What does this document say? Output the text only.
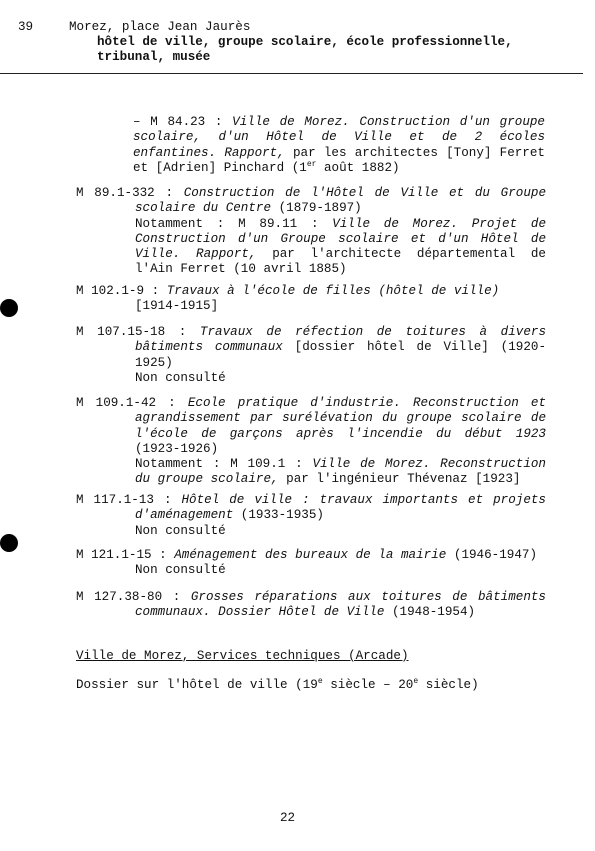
39	Morez, place Jean Jaurès
hôtel de ville, groupe scolaire, école professionnelle,
tribunal, musée
– M 84.23 : Ville de Morez. Construction d'un groupe scolaire, d'un Hôtel de Ville et de 2 écoles enfantines. Rapport, par les architectes [Tony] Ferret et [Adrien] Pinchard (1er août 1882)

M 89.1-332 : Construction de l'Hôtel de Ville et du Groupe scolaire du Centre (1879-1897)

Notamment : M 89.11 : Ville de Morez. Projet de Construction d'un Groupe scolaire et d'un Hôtel de Ville. Rapport, par l'architecte départemental de l'Ain Ferret (10 avril 1885)

M 102.1-9 : Travaux à l'école de filles (hôtel de ville)

[1914-1915]

M 107.15-18 : Travaux de réfection de toitures à divers bâtiments communaux [dossier hôtel de Ville] (1920-1925)

Non consulté

M 109.1-42 : Ecole pratique d'industrie. Reconstruction et agrandissement par surélévation du groupe scolaire de l'école de garçons après l'incendie du début 1923 (1923-1926)

Notamment : M 109.1 : Ville de Morez. Reconstruction du groupe scolaire, par l'ingénieur Thévenaz [1923]

M 117.1-13 : Hôtel de ville : travaux importants et projets d'aménagement (1933-1935)

Non consulté

M 121.1-15 : Aménagement des bureaux de la mairie (1946-1947)

Non consulté

M 127.38-80 : Grosses réparations aux toitures de bâtiments communaux. Dossier Hôtel de Ville (1948-1954)

Ville de Morez, Services techniques (Arcade)
Dossier sur l'hôtel de ville (19e siècle – 20e siècle)
22
